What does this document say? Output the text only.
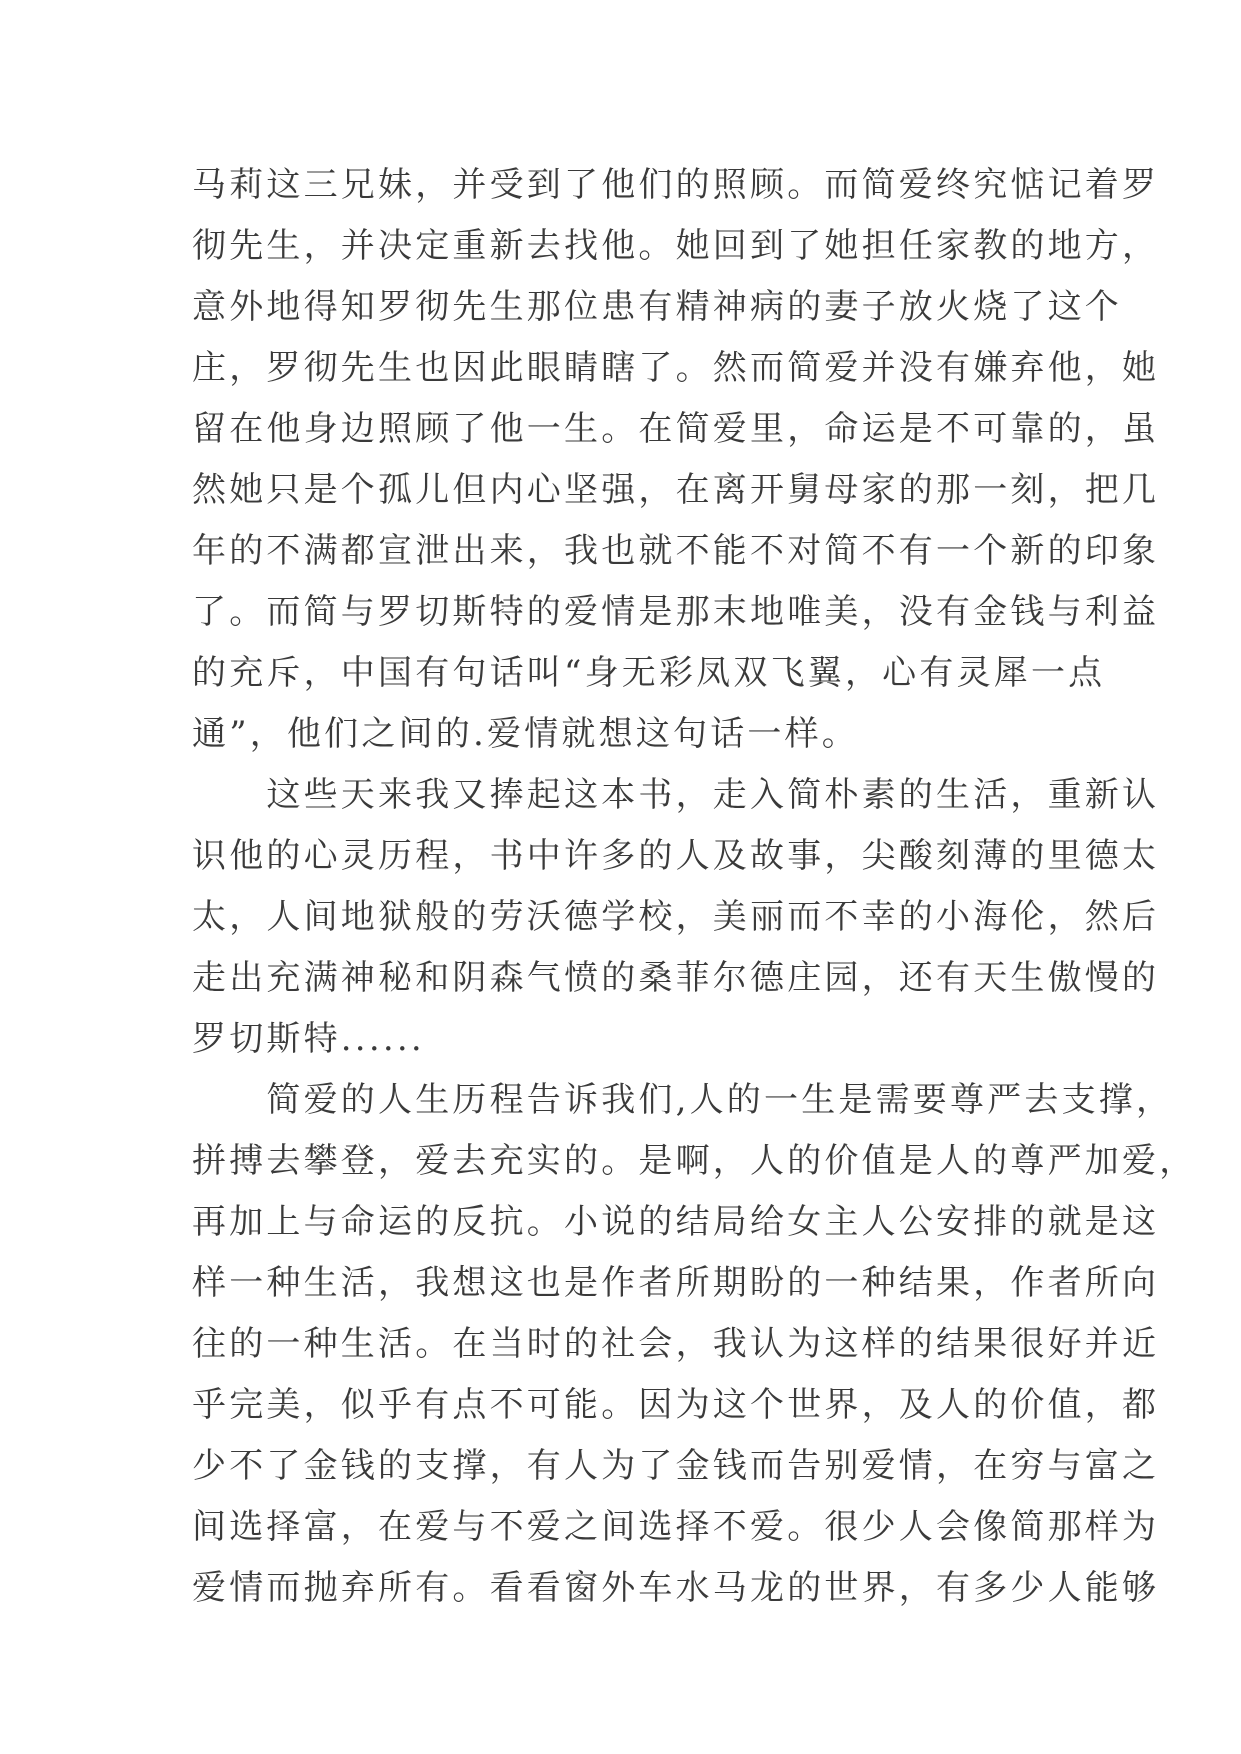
马莉这三兄妹，并受到了他们的照顾。而简爱终究惦记着罗
彻先生，并决定重新去找他。她回到了她担任家教的地方，
意外地得知罗彻先生那位患有精神病的妻子放火烧了这个
庄，罗彻先生也因此眼睛瞎了。然而简爱并没有嫌弃他，她
留在他身边照顾了他一生。在简爱里，命运是不可靠的，虽
然她只是个孤儿但内心坚强，在离开舅母家的那一刻，把几
年的不满都宣泄出来，我也就不能不对简不有一个新的印象
了。而简与罗切斯特的爱情是那末地唯美，没有金钱与利益
的充斥，中国有句话叫“身无彩凤双飞翼，心有灵犀一点
通”，他们之间的.爱情就想这句话一样。
　　这些天来我又捧起这本书，走入简朴素的生活，重新认
识他的心灵历程，书中许多的人及故事，尖酸刻薄的里德太
太，人间地狱般的劳沃德学校，美丽而不幸的小海伦，然后
走出充满神秘和阴森气愤的桑菲尔德庄园，还有天生傲慢的
罗切斯特......
　　简爱的人生历程告诉我们,人的一生是需要尊严去支撑，
拼搏去攀登，爱去充实的。是啊，人的价值是人的尊严加爱，
再加上与命运的反抗。小说的结局给女主人公安排的就是这
样一种生活，我想这也是作者所期盼的一种结果，作者所向
往的一种生活。在当时的社会，我认为这样的结果很好并近
乎完美，似乎有点不可能。因为这个世界，及人的价值，都
少不了金钱的支撑，有人为了金钱而告别爱情，在穷与富之
间选择富，在爱与不爱之间选择不爱。很少人会像简那样为
爱情而抛弃所有。看看窗外车水马龙的世界，有多少人能够
